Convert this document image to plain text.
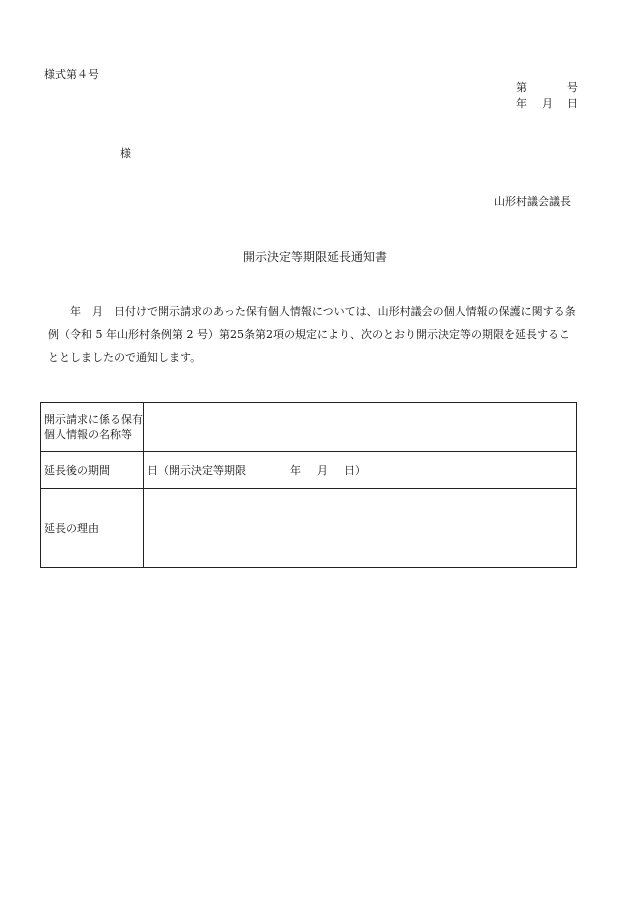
様式第４号
第	号
年 月 日
様
山形村議会議長
開示決定等期限延長通知書
年　月　日付けで開示請求のあった保有個人情報については、山形村議会の個人情報の保護に関する条例（令和 5 年山形村条例第 2 号）第25条第2項の規定により、次のとおり開示決定等の期限を延長することとしましたので通知します。
開示請求に係る保有個人情報の名称等	
延長後の期間	日（開示決定等期限 年 月 日）
延長の理由	
